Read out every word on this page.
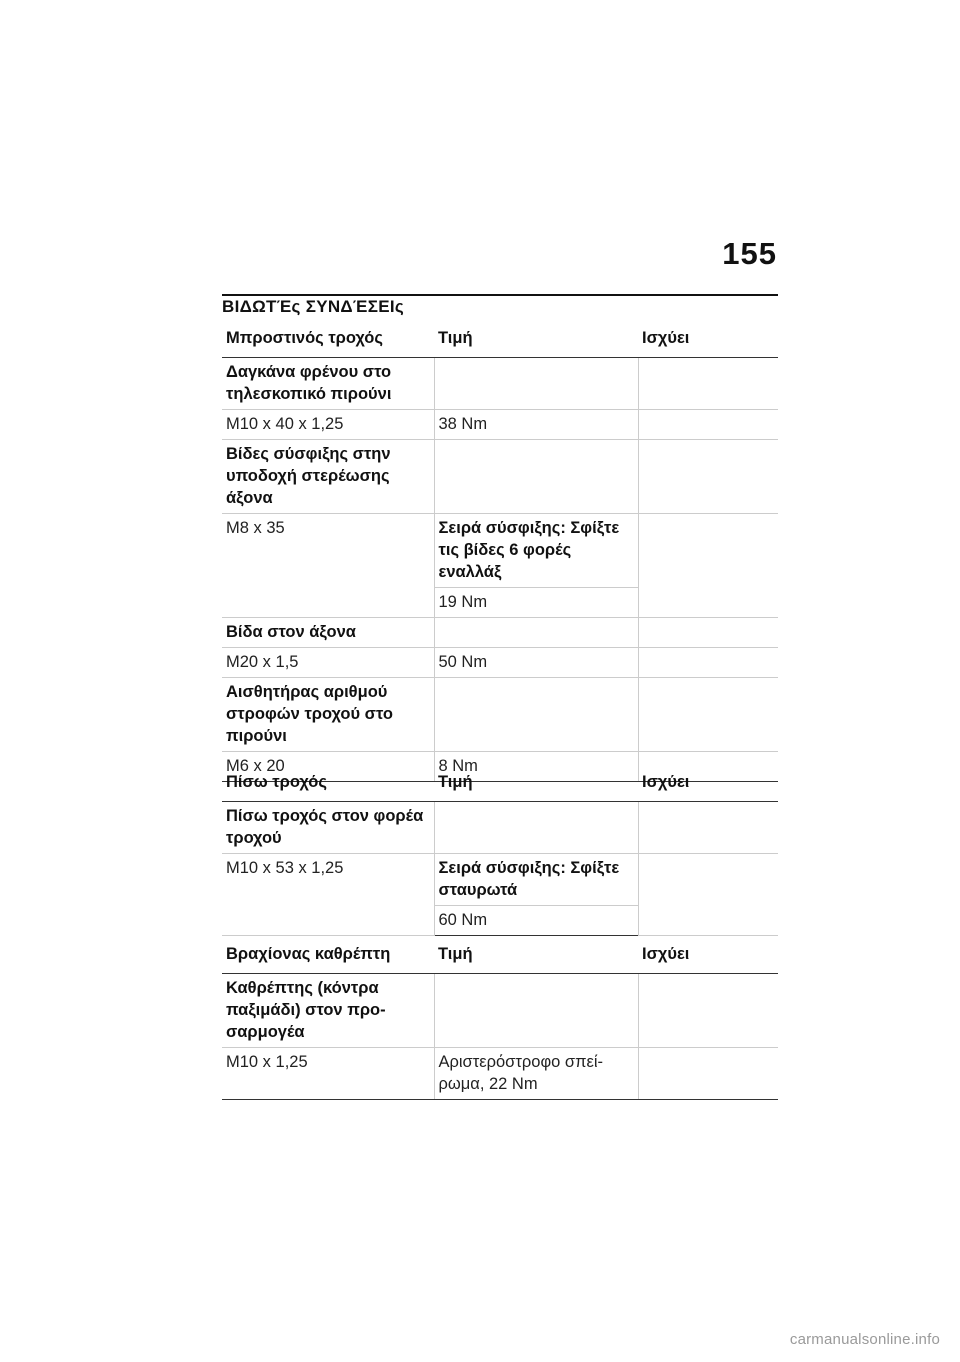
155
ΒΙΔΩΤΈς ΣΥΝΔΈΣΕΙς
Μπροστινός τροχός	Τιμή	Ισχύει
Δαγκάνα φρένου στο τηλεσκοπικό πιρούνι		
M10 x 40 x 1,25	38 Nm	
Βίδες σύσφιξης στην υποδοχή στερέωσης άξονα		
M8 x 35	Σειρά σύσφιξης: Σφίξτε τις βίδες 6 φορές εναλλάξ	
	19 Nm	
Βίδα στον άξονα		
M20 x 1,5	50 Nm	
Αισθητήρας αριθμού στροφών τροχού στο πιρούνι		
M6 x 20	8 Nm	
Πίσω τροχός	Τιμή	Ισχύει
Πίσω τροχός στον φορέα τροχού		
M10 x 53 x 1,25	Σειρά σύσφιξης: Σφίξτε σταυρωτά	
	60 Nm	
Βραχίονας καθρέπτη	Τιμή	Ισχύει
Καθρέπτης (κόντρα παξιμάδι) στον προ-σαρμογέα		
M10 x 1,25	Αριστερόστροφο σπεί-ρωμα, 22 Nm	
carmanualsonline.info
